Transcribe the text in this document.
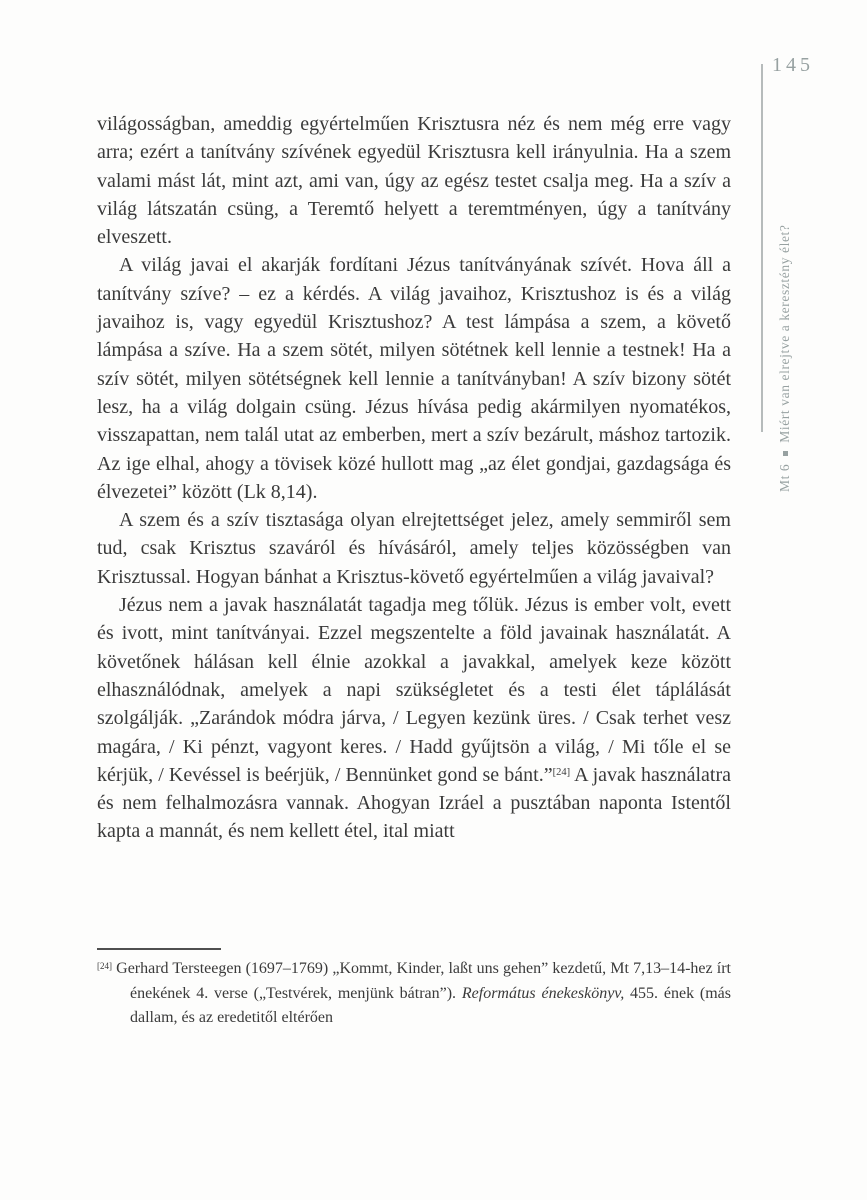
145
Mt 6
Miért van elrejtve a keresztény élet?
világosságban, ameddig egyértelműen Krisztusra néz és nem még erre vagy arra; ezért a tanítvány szívének egyedül Krisztusra kell irányulnia. Ha a szem valami mást lát, mint azt, ami van, úgy az egész testet csalja meg. Ha a szív a világ látszatán csüng, a Teremtő helyett a teremtményen, úgy a tanítvány elveszett.
A világ javai el akarják fordítani Jézus tanítványának szívét. Hova áll a tanítvány szíve? – ez a kérdés. A világ javaihoz, Krisztushoz is és a világ javaihoz is, vagy egyedül Krisztushoz? A test lámpása a szem, a követő lámpása a szíve. Ha a szem sötét, milyen sötétnek kell lennie a testnek! Ha a szív sötét, milyen sötétségnek kell lennie a tanítványban! A szív bizony sötét lesz, ha a világ dolgain csüng. Jézus hívása pedig akármilyen nyomatékos, visszapattan, nem talál utat az emberben, mert a szív bezárult, máshoz tartozik. Az ige elhal, ahogy a tövisek közé hullott mag „az élet gondjai, gazdagsága és élvezetei” között (Lk 8,14).
A szem és a szív tisztasága olyan elrejtettséget jelez, amely semmiről sem tud, csak Krisztus szaváról és hívásáról, amely teljes közösségben van Krisztussal. Hogyan bánhat a Krisztus-követő egyértelműen a világ javaival?
Jézus nem a javak használatát tagadja meg tőlük. Jézus is ember volt, evett és ivott, mint tanítványai. Ezzel megszentelte a föld javainak használatát. A követőnek hálásan kell élnie azokkal a javakkal, amelyek keze között elhasználódnak, amelyek a napi szükségletet és a testi élet táplálását szolgálják. „Zarándok módra járva, / Legyen kezünk üres. / Csak terhet vesz magára, / Ki pénzt, vagyont keres. / Hadd gyűjtsön a világ, / Mi tőle el se kérjük, / Kevéssel is beérjük, / Bennünket gond se bánt.”[24] A javak használatra és nem felhalmozásra vannak. Ahogyan Izráel a pusztában naponta Istentől kapta a mannát, és nem kellett étel, ital miatt
[24] Gerhard Tersteegen (1697–1769) „Kommt, Kinder, laßt uns gehen” kezdetű, Mt 7,13–14-hez írt énekének 4. verse („Testvérek, menjünk bátran”). Református énekeskönyv, 455. ének (más dallam, és az eredetitől eltérően
